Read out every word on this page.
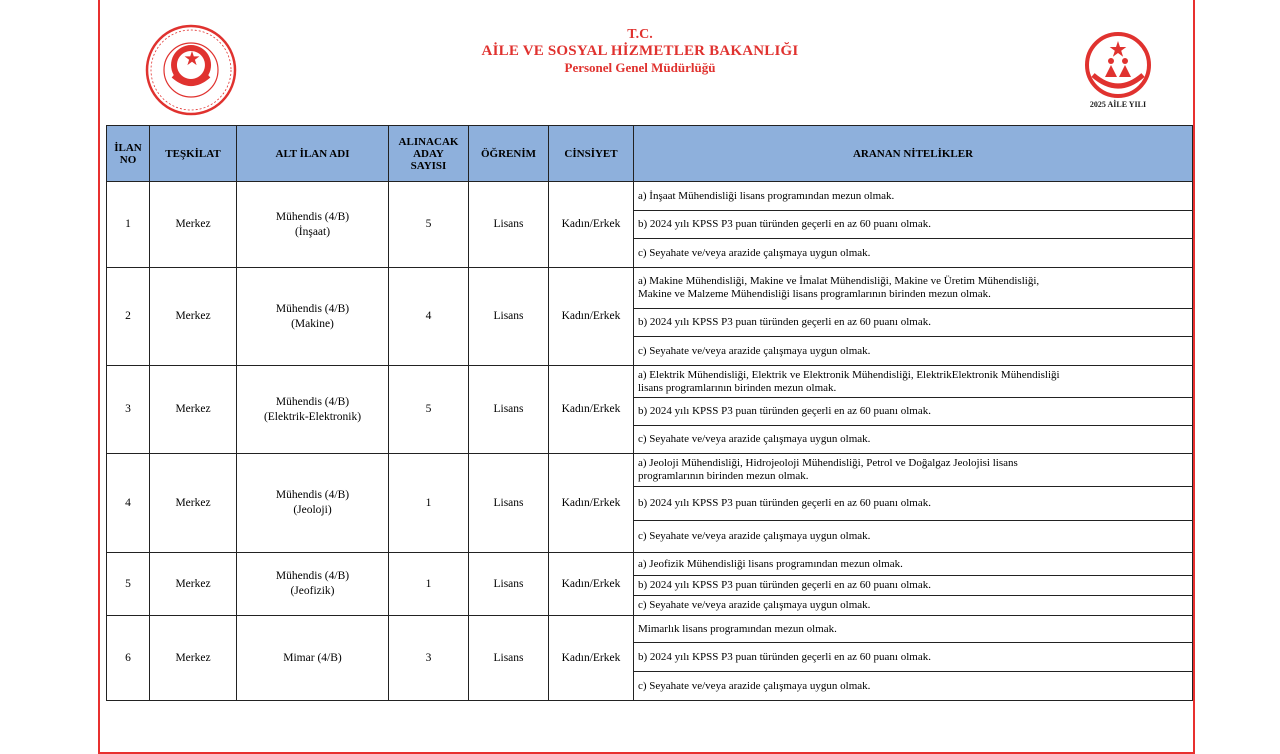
T.C.
AİLE VE SOSYAL HİZMETLER BAKANLIĞI
Personel Genel Müdürlüğü
2025 AİLE YILI
İLAN
NO	TEŞKİLAT	ALT İLAN ADI	ALINACAK
ADAY
SAYISI	ÖĞRENİM	CİNSİYET	ARANAN NİTELİKLER
1	Merkez	Mühendis (4/B)
(İnşaat)	5	Lisans	Kadın/Erkek	a) İnşaat Mühendisliği lisans programından mezun olmak.
						b) 2024 yılı KPSS P3 puan türünden geçerli en az 60 puanı olmak.
						c) Seyahate ve/veya arazide çalışmaya uygun olmak.
2	Merkez	Mühendis (4/B)
(Makine)	4	Lisans	Kadın/Erkek	a) Makine Mühendisliği, Makine ve İmalat Mühendisliği, Makine ve Üretim Mühendisliği,
Makine ve Malzeme Mühendisliği lisans programlarının birinden mezun olmak.
						b) 2024 yılı KPSS P3 puan türünden geçerli en az 60 puanı olmak.
						c) Seyahate ve/veya arazide çalışmaya uygun olmak.
3	Merkez	Mühendis (4/B)
(Elektrik-Elektronik)	5	Lisans	Kadın/Erkek	a) Elektrik Mühendisliği, Elektrik ve Elektronik Mühendisliği, ElektrikElektronik Mühendisliği
lisans programlarının birinden mezun olmak.
						b) 2024 yılı KPSS P3 puan türünden geçerli en az 60 puanı olmak.
						c) Seyahate ve/veya arazide çalışmaya uygun olmak.
4	Merkez	Mühendis (4/B)
(Jeoloji)	1	Lisans	Kadın/Erkek	a) Jeoloji Mühendisliği, Hidrojeoloji Mühendisliği, Petrol ve Doğalgaz Jeolojisi lisans
programlarının birinden mezun olmak.
						b) 2024 yılı KPSS P3 puan türünden geçerli en az 60 puanı olmak.
						c) Seyahate ve/veya arazide çalışmaya uygun olmak.
5	Merkez	Mühendis (4/B)
(Jeofizik)	1	Lisans	Kadın/Erkek	a) Jeofizik Mühendisliği lisans programından mezun olmak.
						b) 2024 yılı KPSS P3 puan türünden geçerli en az 60 puanı olmak.
						c) Seyahate ve/veya arazide çalışmaya uygun olmak.
6	Merkez	Mimar (4/B)	3	Lisans	Kadın/Erkek	Mimarlık lisans programından mezun olmak.
						b) 2024 yılı KPSS P3 puan türünden geçerli en az 60 puanı olmak.
						c) Seyahate ve/veya arazide çalışmaya uygun olmak.
